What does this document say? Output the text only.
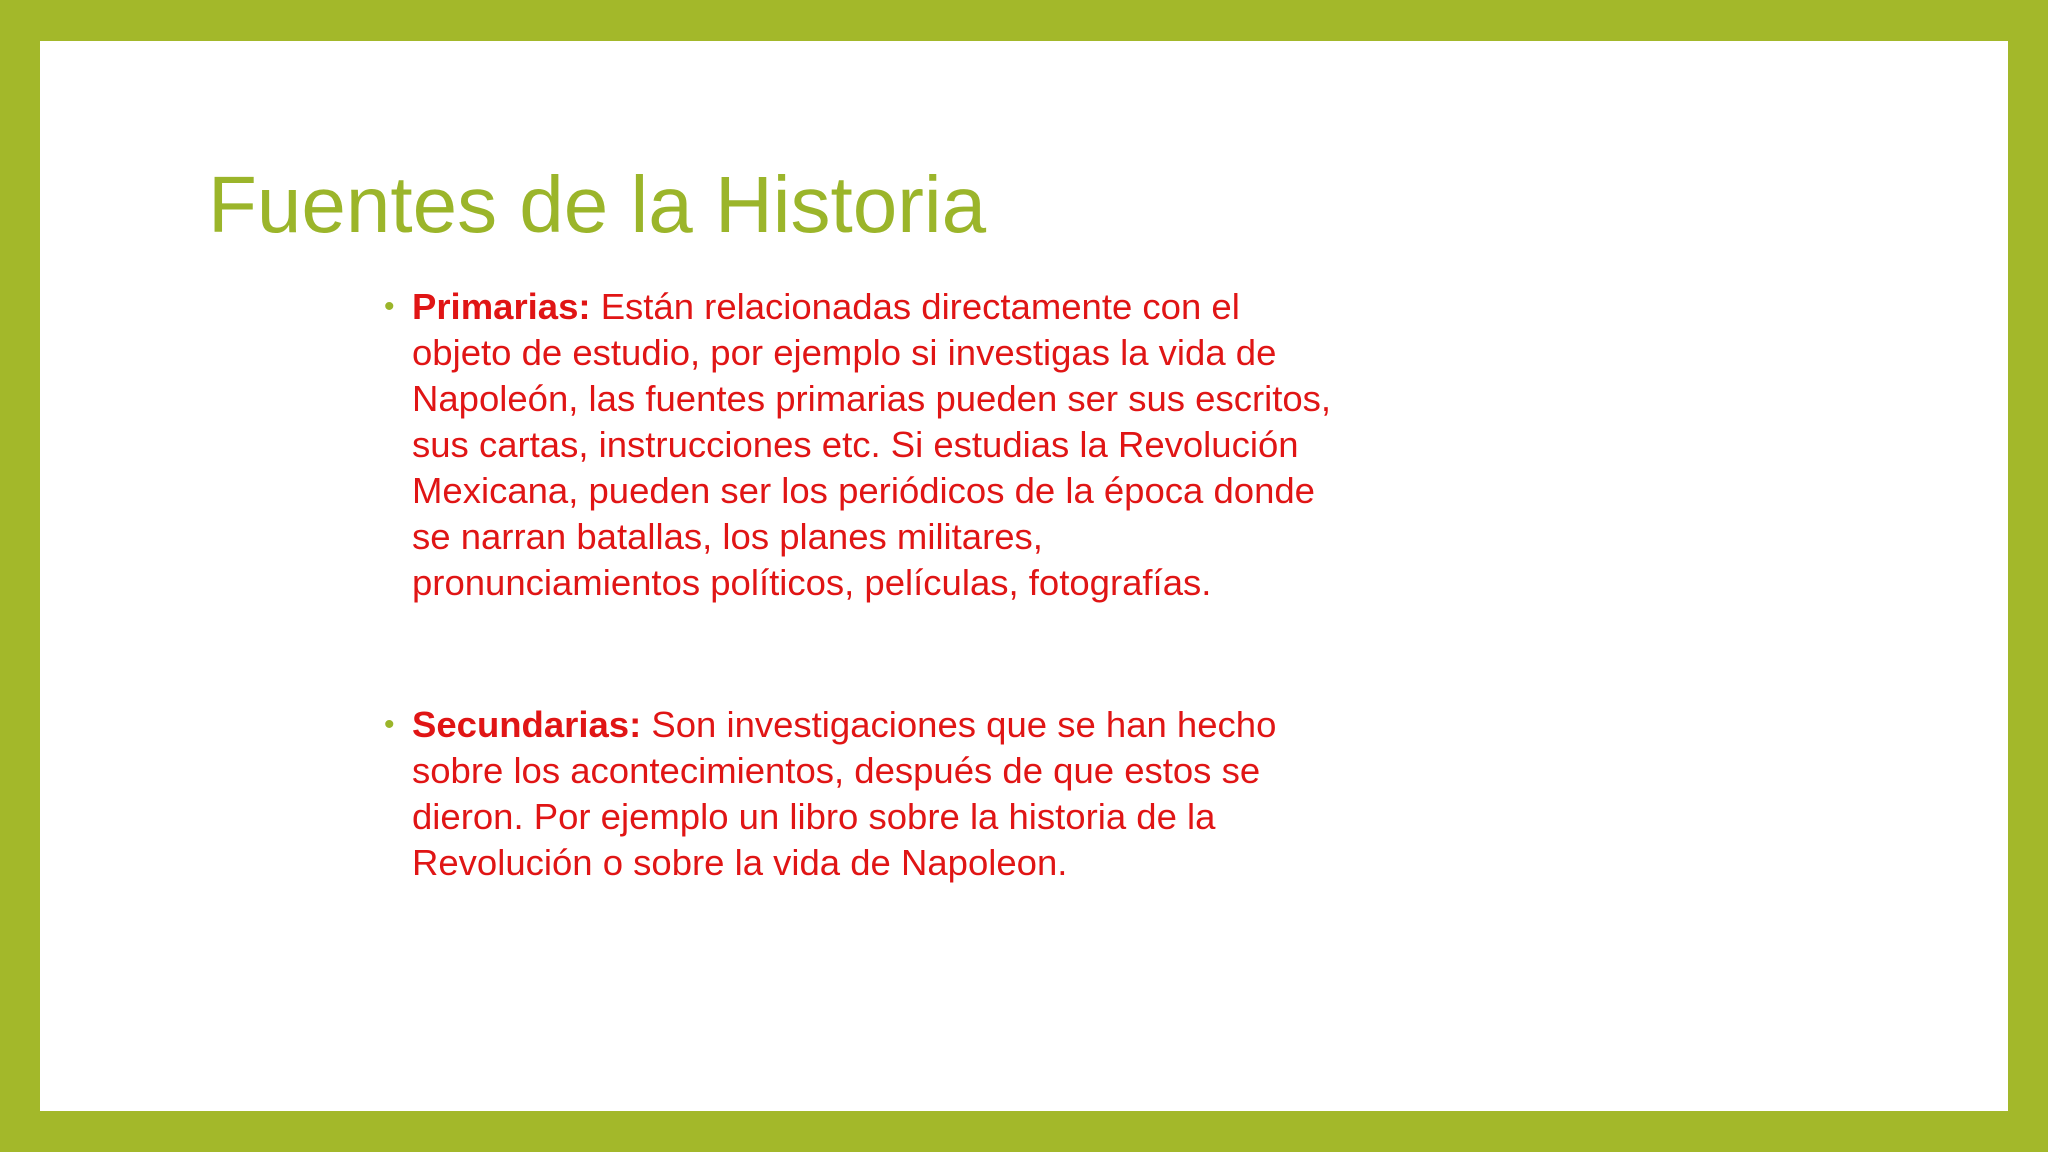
Fuentes de la Historia
• Primarias: Están relacionadas directamente con el
objeto de estudio, por ejemplo si investigas la vida de
Napoleón, las fuentes primarias pueden ser sus escritos,
sus cartas, instrucciones etc. Si estudias la Revolución
Mexicana, pueden ser los periódicos de la época donde
se narran batallas, los planes militares,
pronunciamientos políticos, películas, fotografías.
• Secundarias: Son investigaciones que se han hecho
sobre los acontecimientos, después de que estos se
dieron. Por ejemplo un libro sobre la historia de la
Revolución o sobre la vida de Napoleon.
